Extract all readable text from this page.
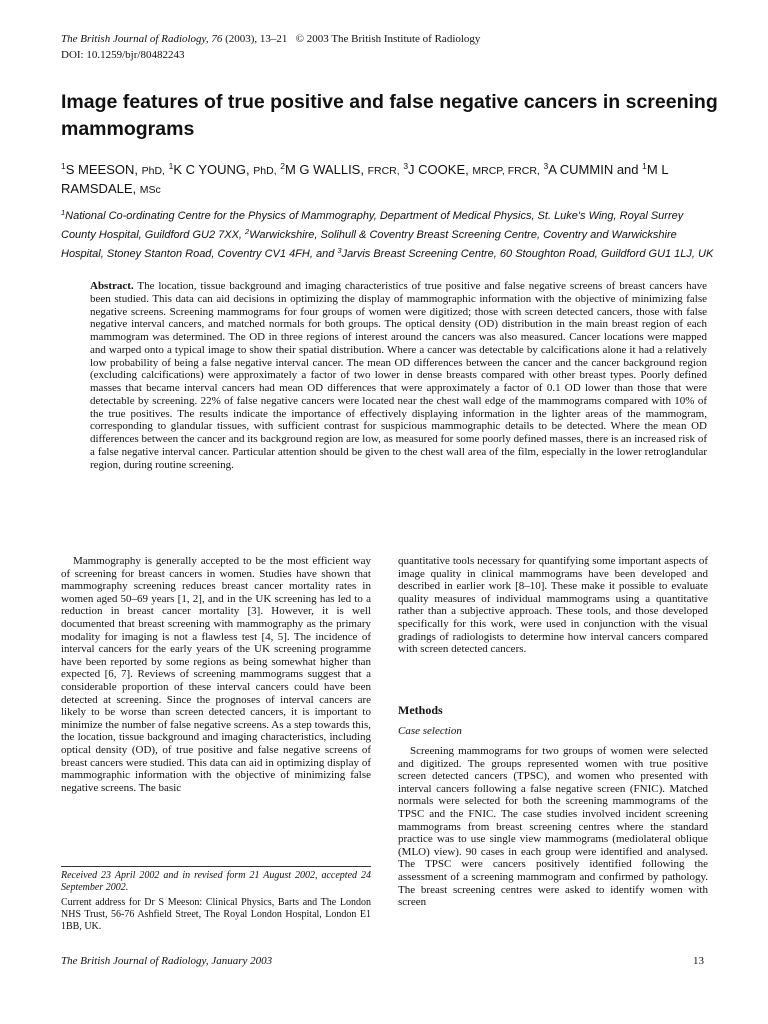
The British Journal of Radiology, 76 (2003), 13–21 © 2003 The British Institute of Radiology
DOI: 10.1259/bjr/80482243
Image features of true positive and false negative cancers in screening mammograms
$^1$S MEESON, PhD, $^1$K C YOUNG, PhD, $^2$M G WALLIS, FRCR, $^3$J COOKE, MRCP, FRCR, $^3$A CUMMIN and $^1$M L RAMSDALE, MSc
$^1$National Co-ordinating Centre for the Physics of Mammography, Department of Medical Physics, St. Luke's Wing, Royal Surrey County Hospital, Guildford GU2 7XX, $^2$Warwickshire, Solihull & Coventry Breast Screening Centre, Coventry and Warwickshire Hospital, Stoney Stanton Road, Coventry CV1 4FH, and $^3$Jarvis Breast Screening Centre, 60 Stoughton Road, Guildford GU1 1LJ, UK

Abstract. The location, tissue background and imaging characteristics of true positive and false negative screens of breast cancers have been studied. This data can aid decisions in optimizing the display of mammographic information with the objective of minimizing false negative screens. Screening mammograms for four groups of women were digitized; those with screen detected cancers, those with false negative interval cancers, and matched normals for both groups. The optical density (OD) distribution in the main breast region of each mammogram was determined. The OD in three regions of interest around the cancers was also measured. Cancer locations were mapped and warped onto a typical image to show their spatial distribution. Where a cancer was detectable by calcifications alone it had a relatively low probability of being a false negative interval cancer. The mean OD differences between the cancer and the cancer background region (excluding calcifications) were approximately a factor of two lower in dense breasts compared with other breast types. Poorly defined masses that became interval cancers had mean OD differences that were approximately a factor of 0.1 OD lower than those that were detectable by screening. 22% of false negative cancers were located near the chest wall edge of the mammograms compared with 10% of the true positives. The results indicate the importance of effectively displaying information in the lighter areas of the mammogram, corresponding to glandular tissues, with sufficient contrast for suspicious mammographic details to be detected. Where the mean OD differences between the cancer and its background region are low, as measured for some poorly defined masses, there is an increased risk of a false negative interval cancer. Particular attention should be given to the chest wall area of the film, especially in the lower retroglandular region, during routine screening.

Mammography is generally accepted to be the most efficient way of screening for breast cancers in women. Studies have shown that mammography screening reduces breast cancer mortality rates in women aged 50–69 years [1, 2], and in the UK screening has led to a reduction in breast cancer mortality [3]. However, it is well documented that breast screening with mammography as the primary modality for imaging is not a flawless test [4, 5]. The incidence of interval cancers for the early years of the UK screening programme have been reported by some regions as being somewhat higher than expected [6, 7]. Reviews of screening mammograms suggest that a considerable proportion of these interval cancers could have been detected at screening. Since the prognoses of interval cancers are likely to be worse than screen detected cancers, it is important to minimize the number of false negative screens. As a step towards this, the location, tissue background and imaging characteristics, including optical density (OD), of true positive and false negative screens of breast cancers were studied. This data can aid in optimizing display of mammographic information with the objective of minimizing false negative screens. The basic

quantitative tools necessary for quantifying some important aspects of image quality in clinical mammograms have been developed and described in earlier work [8–10]. These make it possible to evaluate quality measures of individual mammograms using a quantitative rather than a subjective approach. These tools, and those developed specifically for this work, were used in conjunction with the visual gradings of radiologists to determine how interval cancers compared with screen detected cancers.

Methods
Case selection

Screening mammograms for two groups of women were selected and digitized. The groups represented women with true positive screen detected cancers (TPSC), and women who presented with interval cancers following a false negative screen (FNIC). Matched normals were selected for both the screening mammograms of the TPSC and the FNIC. The case studies involved incident screening mammograms from breast screening centres where the standard practice was to use single view mammograms (mediolateral oblique (MLO) view). 90 cases in each group were identified and analysed. The TPSC were cancers positively identified following the assessment of a screening mammogram and confirmed by pathology. The breast screening centres were asked to identify women with screen

Received 23 April 2002 and in revised form 21 August 2002, accepted 24 September 2002.
Current address for Dr S Meeson: Clinical Physics, Barts and The London NHS Trust, 56-76 Ashfield Street, The Royal London Hospital, London E1 1BB, UK.
The British Journal of Radiology, January 2003	13
